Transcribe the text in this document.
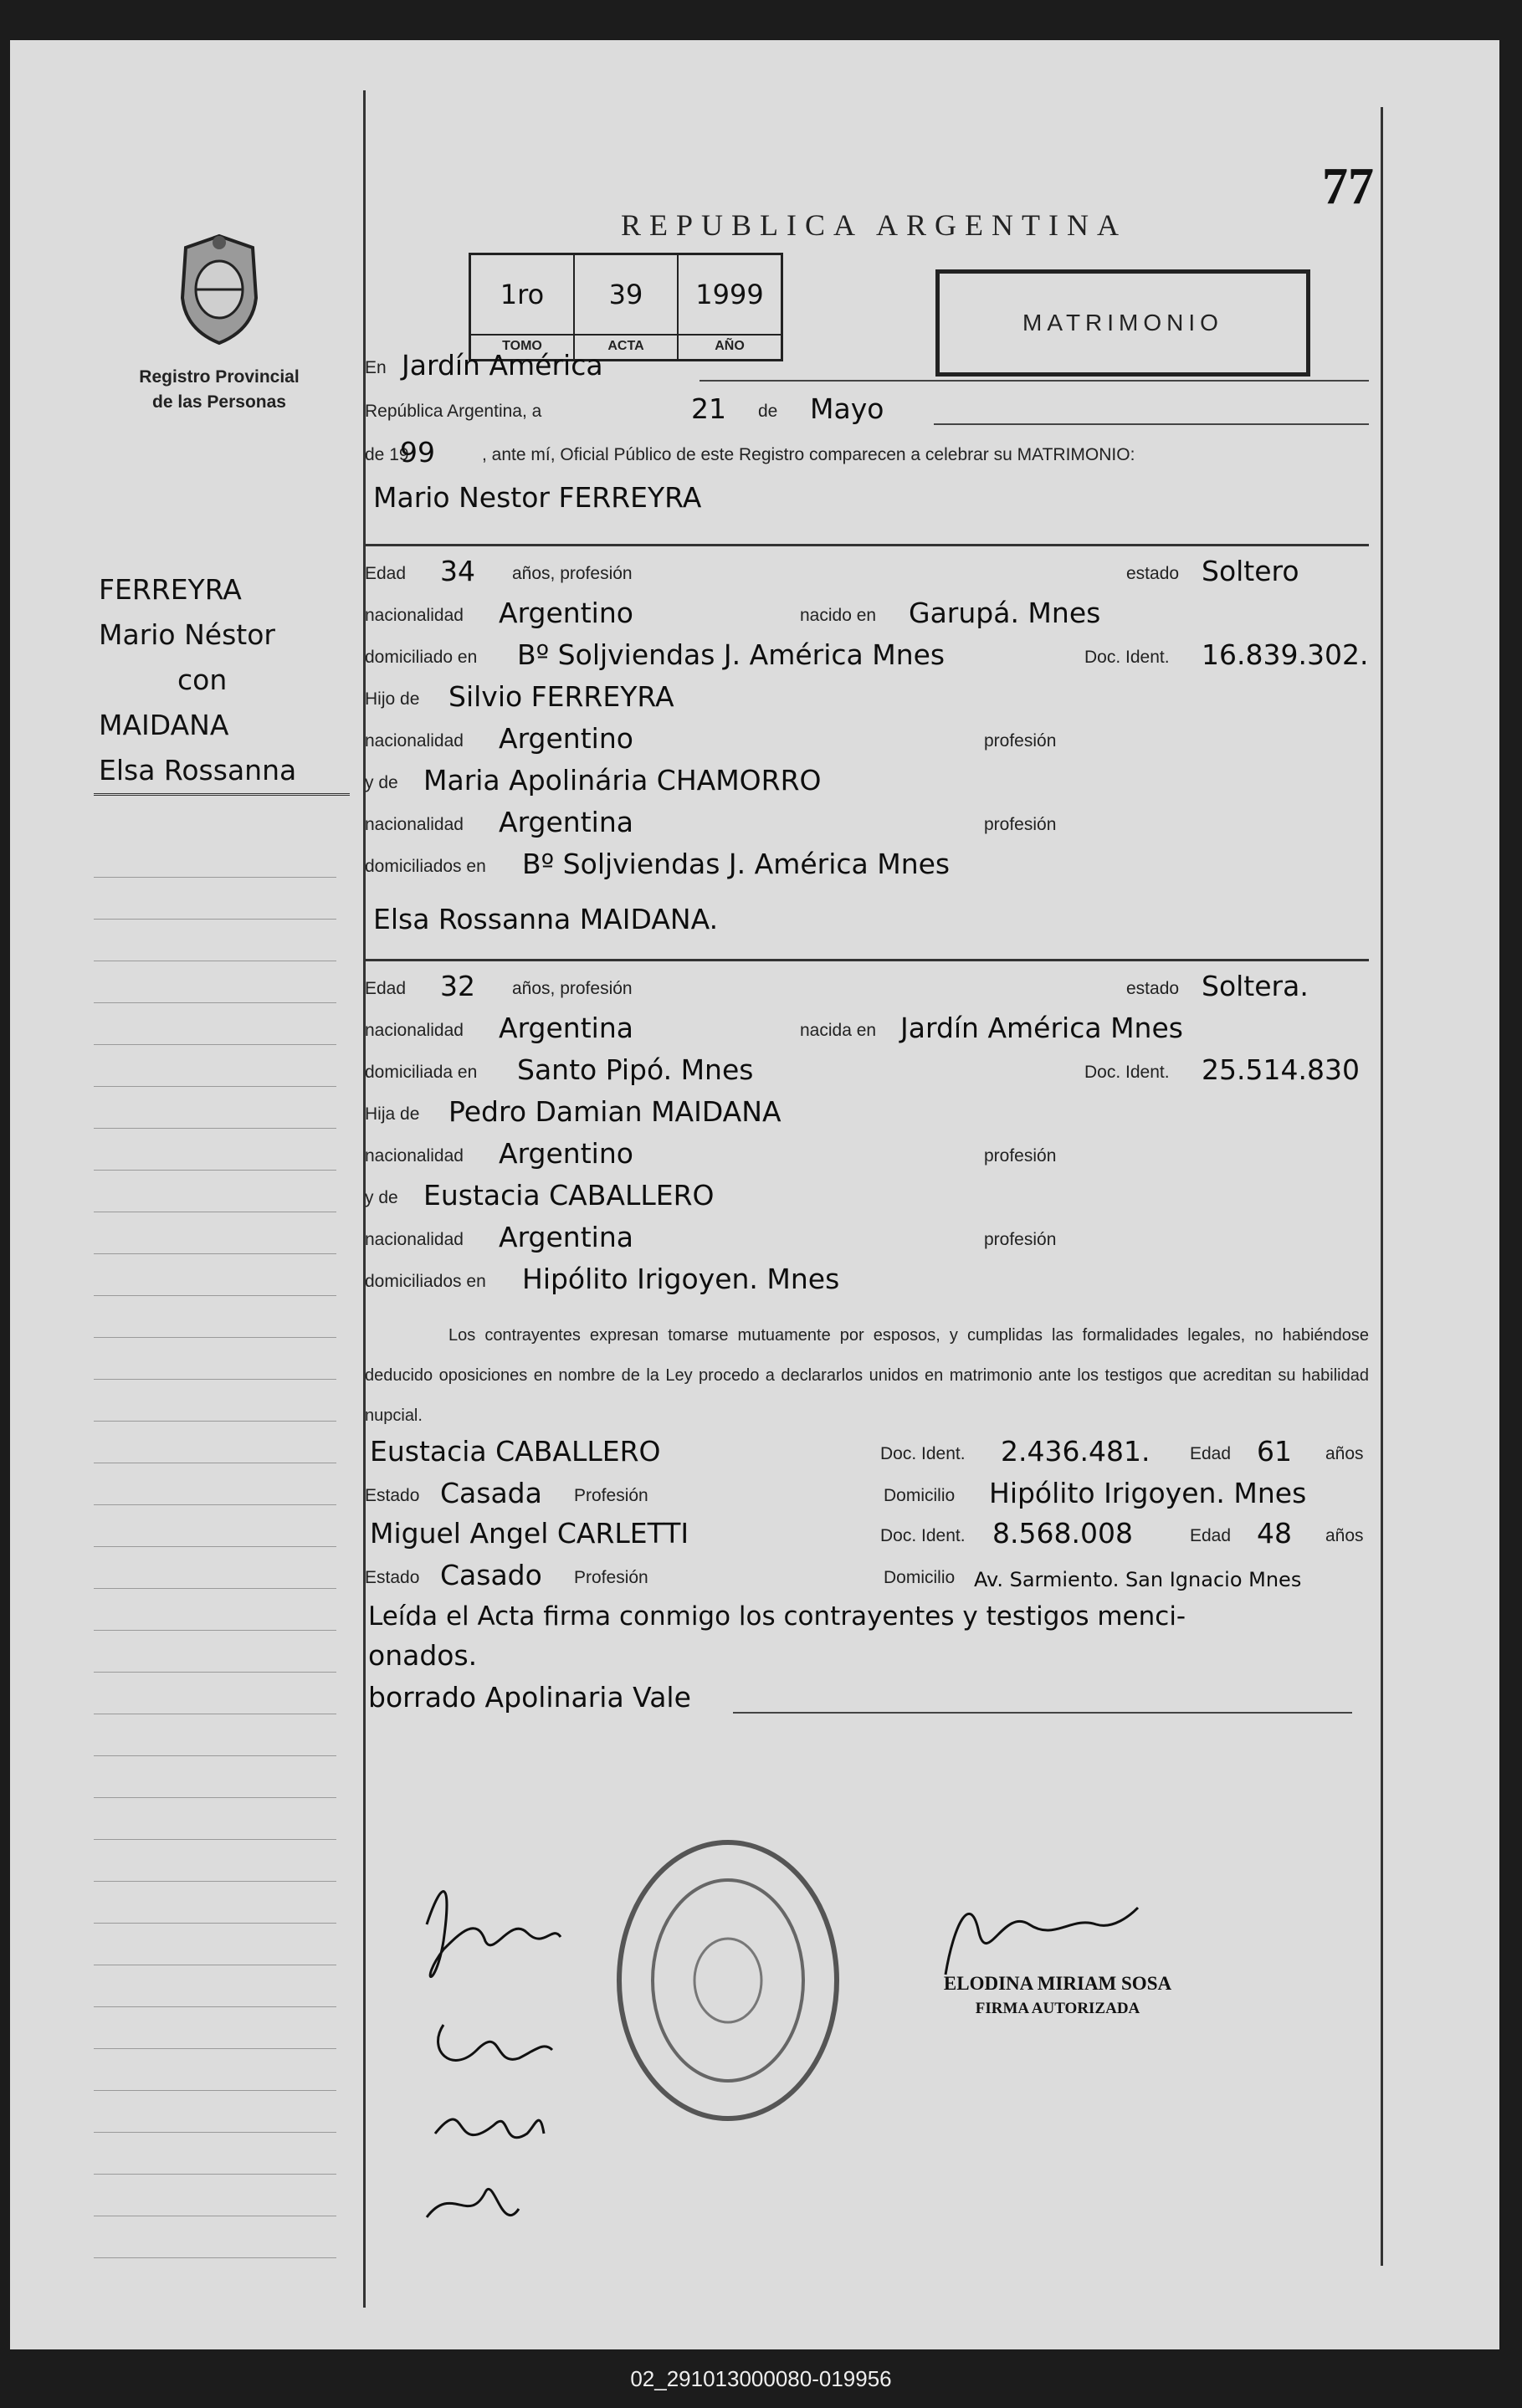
Registro Provincial
de las Personas
FERREYRA
Mario Néstor
con
MAIDANA
Elsa Rossanna
77
REPUBLICA ARGENTINA
1ro
TOMO
39
ACTA
1999
AÑO
MATRIMONIO
En Jardín América
República Argentina, a	21 de Mayo
de 19
99	, ante mí, Oficial Público de este Registro comparecen a celebrar su MATRIMONIO:
Mario Nestor FERREYRA
Edad 34 años, profesión	estado Soltero
nacionalidad Argentino	nacido en Garupá. Mnes
domiciliado en Bº Soljviendas J. América Mnes	Doc. Ident. 16.839.302.
Hijo de Silvio FERREYRA
nacionalidad Argentino	profesión
y de Maria Apolinária CHAMORRO
nacionalidad Argentina	profesión
domiciliados en Bº Soljviendas J. América Mnes
Elsa Rossanna MAIDANA.
Edad 32 años, profesión	estado Soltera.
nacionalidad Argentina	nacida en Jardín América Mnes
domiciliada en Santo Pipó. Mnes	Doc. Ident. 25.514.830
Hija de Pedro Damian MAIDANA
nacionalidad Argentino	profesión
y de Eustacia CABALLERO
nacionalidad Argentina	profesión
domiciliados en Hipólito Irigoyen. Mnes
Los contrayentes expresan tomarse mutuamente por esposos, y cumplidas las formalidades legales, no habiéndose deducido oposiciones en nombre de la Ley procedo a declararlos unidos en matrimonio ante los testigos que acreditan su habilidad nupcial.
Eustacia CABALLERO	Doc. Ident. 2.436.481. Edad 61 años
Estado Casada Profesión	Domicilio Hipólito Irigoyen. Mnes
Miguel Angel CARLETTI	Doc. Ident. 8.568.008	Edad 48 años
Estado Casado Profesión	Domicilio Av. Sarmiento. San Ignacio Mnes
Leída el Acta firma conmigo los contrayentes y testigos menci-
onados.
borrado Apolinaria Vale
ELODINA MIRIAM SOSA
FIRMA AUTORIZADA
02_291013000080-019956
